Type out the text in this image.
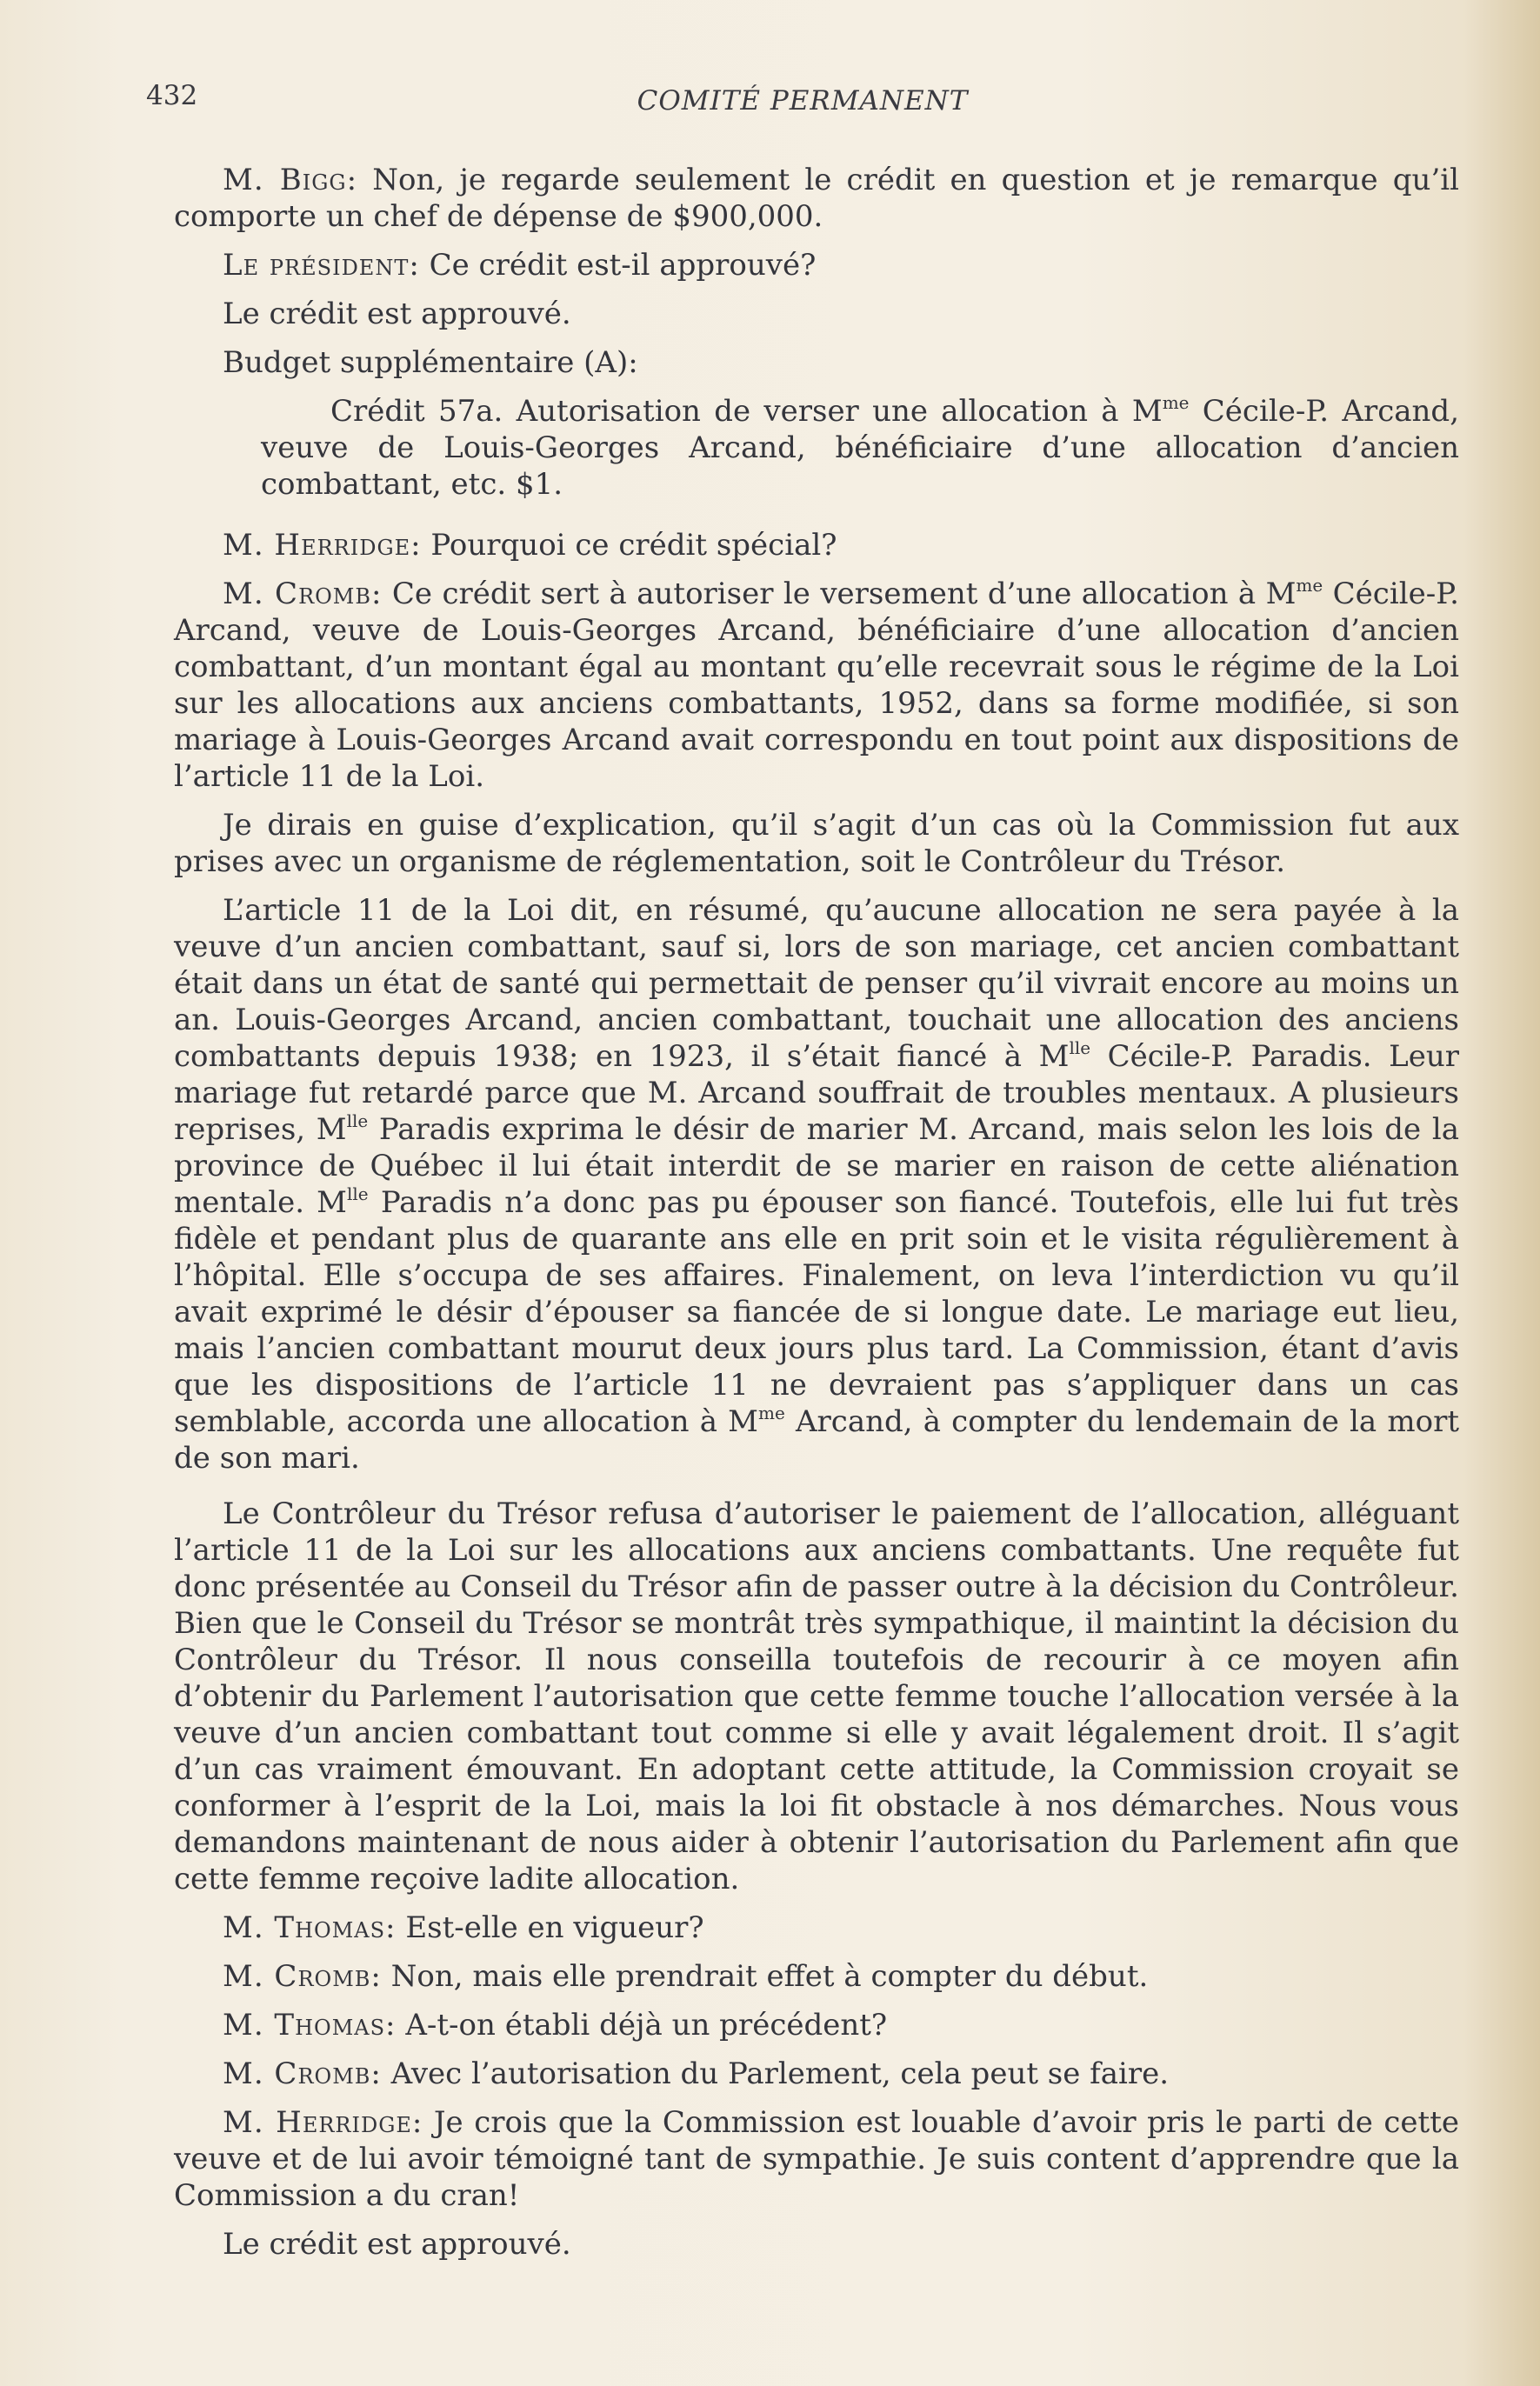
432	COMITÉ PERMANENT

M. Bigg: Non, je regarde seulement le crédit en question et je remarque qu’il comporte un chef de dépense de $900,000.

Le président: Ce crédit est-il approuvé?

Le crédit est approuvé.

Budget supplémentaire (A):

Crédit 57a. Autorisation de verser une allocation à $M^{me}$ Cécile-P. Arcand, veuve de Louis-Georges Arcand, bénéficiaire d’une allocation d’ancien combattant, etc. $1.

M. Herridge: Pourquoi ce crédit spécial?

M. Cromb: Ce crédit sert à autoriser le versement d’une allocation à $M^{me}$ Cécile-P. Arcand, veuve de Louis-Georges Arcand, bénéficiaire d’une allocation d’ancien combattant, d’un montant égal au montant qu’elle recevrait sous le régime de la Loi sur les allocations aux anciens combattants, 1952, dans sa forme modifiée, si son mariage à Louis-Georges Arcand avait correspondu en tout point aux dispositions de l’article 11 de la Loi.

Je dirais en guise d’explication, qu’il s’agit d’un cas où la Commission fut aux prises avec un organisme de réglementation, soit le Contrôleur du Trésor.

L’article 11 de la Loi dit, en résumé, qu’aucune allocation ne sera payée à la veuve d’un ancien combattant, sauf si, lors de son mariage, cet ancien combattant était dans un état de santé qui permettait de penser qu’il vivrait encore au moins un an. Louis-Georges Arcand, ancien combattant, touchait une allocation des anciens combattants depuis 1938; en 1923, il s’était fiancé à $M^{lle}$ Cécile-P. Paradis. Leur mariage fut retardé parce que M. Arcand souffrait de troubles mentaux. A plusieurs reprises, $M^{lle}$ Paradis exprima le désir de marier M. Arcand, mais selon les lois de la province de Québec il lui était interdit de se marier en raison de cette aliénation mentale. $M^{lle}$ Paradis n’a donc pas pu épouser son fiancé. Toutefois, elle lui fut très fidèle et pendant plus de quarante ans elle en prit soin et le visita régulièrement à l’hôpital. Elle s’occupa de ses affaires. Finalement, on leva l’interdiction vu qu’il avait exprimé le désir d’épouser sa fiancée de si longue date. Le mariage eut lieu, mais l’ancien combattant mourut deux jours plus tard. La Commission, étant d’avis que les dispositions de l’article 11 ne devraient pas s’appliquer dans un cas semblable, accorda une allocation à $M^{me}$ Arcand, à compter du lendemain de la mort de son mari.

Le Contrôleur du Trésor refusa d’autoriser le paiement de l’allocation, alléguant l’article 11 de la Loi sur les allocations aux anciens combattants. Une requête fut donc présentée au Conseil du Trésor afin de passer outre à la décision du Contrôleur. Bien que le Conseil du Trésor se montrât très sympathique, il maintint la décision du Contrôleur du Trésor. Il nous conseilla toutefois de recourir à ce moyen afin d’obtenir du Parlement l’autorisation que cette femme touche l’allocation versée à la veuve d’un ancien combattant tout comme si elle y avait légalement droit. Il s’agit d’un cas vraiment émouvant. En adoptant cette attitude, la Commission croyait se conformer à l’esprit de la Loi, mais la loi fit obstacle à nos démarches. Nous vous demandons maintenant de nous aider à obtenir l’autorisation du Parlement afin que cette femme reçoive ladite allocation.

M. Thomas: Est-elle en vigueur?

M. Cromb: Non, mais elle prendrait effet à compter du début.

M. Thomas: A-t-on établi déjà un précédent?

M. Cromb: Avec l’autorisation du Parlement, cela peut se faire.

M. Herridge: Je crois que la Commission est louable d’avoir pris le parti de cette veuve et de lui avoir témoigné tant de sympathie. Je suis content d’apprendre que la Commission a du cran!

Le crédit est approuvé.
